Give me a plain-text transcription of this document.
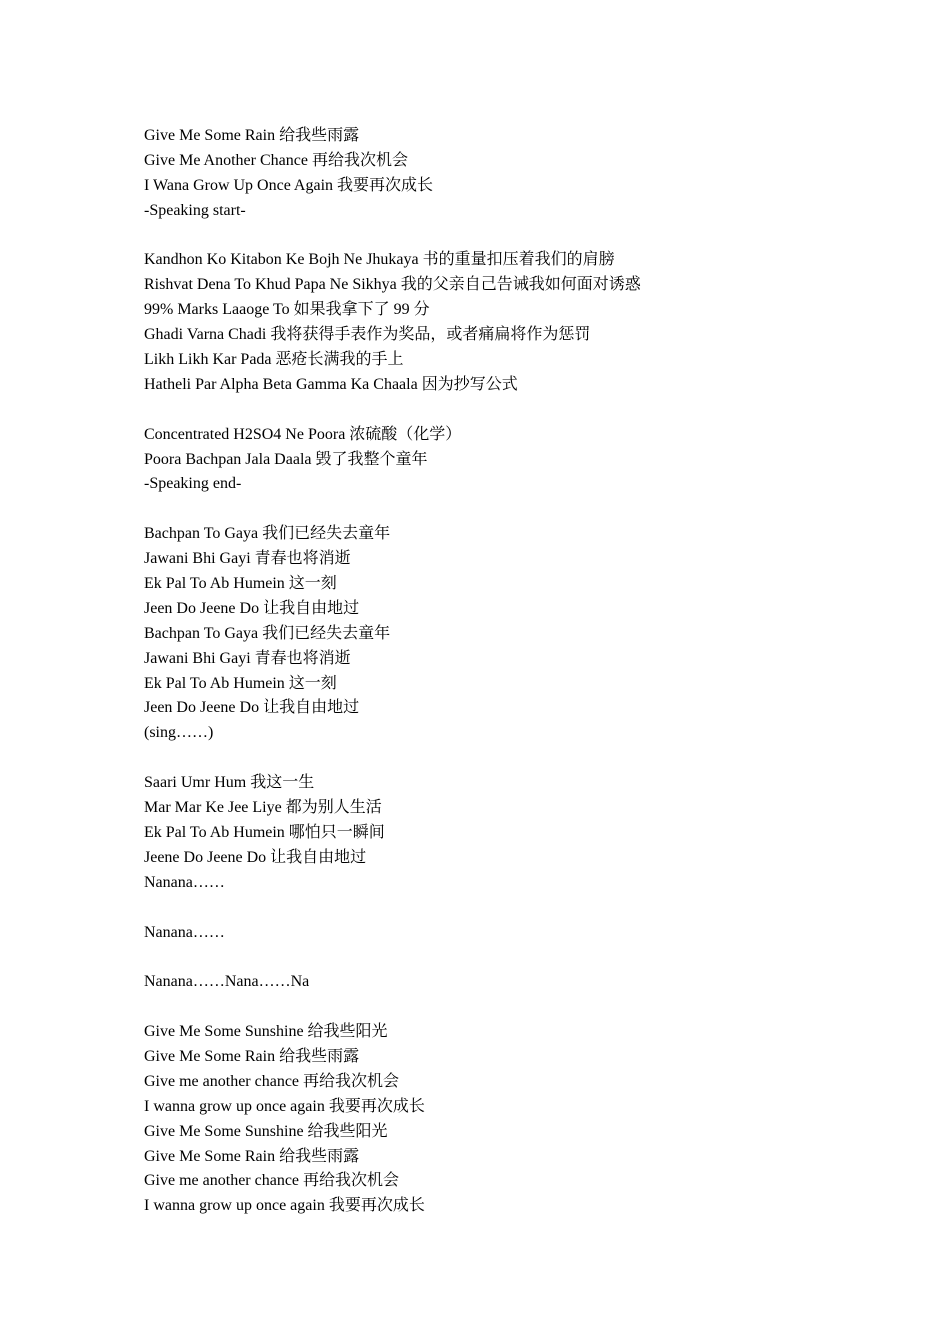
Give Me Some Rain 给我些雨露
Give Me Another Chance 再给我次机会
I Wana Grow Up Once Again 我要再次成长
-Speaking start-
Kandhon Ko Kitabon Ke Bojh Ne Jhukaya 书的重量扣压着我们的肩膀
Rishvat Dena To Khud Papa Ne Sikhya 我的父亲自己告诫我如何面对诱惑
99% Marks Laaoge To 如果我拿下了 99 分
Ghadi Varna Chadi 我将获得手表作为奖品，或者痛扁将作为惩罚
Likh Likh Kar Pada 恶疮长满我的手上
Hatheli Par Alpha Beta Gamma Ka Chaala 因为抄写公式
Concentrated H2SO4 Ne Poora 浓硫酸（化学）
Poora Bachpan Jala Daala 毁了我整个童年
-Speaking end-
Bachpan To Gaya 我们已经失去童年
Jawani Bhi Gayi 青春也将消逝
Ek Pal To Ab Humein 这一刻
Jeen Do Jeene Do 让我自由地过
Bachpan To Gaya 我们已经失去童年
Jawani Bhi Gayi 青春也将消逝
Ek Pal To Ab Humein 这一刻
Jeen Do Jeene Do 让我自由地过
(sing……)
Saari Umr Hum 我这一生
Mar Mar Ke Jee Liye 都为别人生活
Ek Pal To Ab Humein 哪怕只一瞬间
Jeene Do Jeene Do 让我自由地过
Nanana……
Nanana……
Nanana……Nana……Na
Give Me Some Sunshine 给我些阳光
Give Me Some Rain 给我些雨露
Give me another chance 再给我次机会
I wanna grow up once again 我要再次成长
Give Me Some Sunshine 给我些阳光
Give Me Some Rain 给我些雨露
Give me another chance 再给我次机会
I wanna grow up once again 我要再次成长
